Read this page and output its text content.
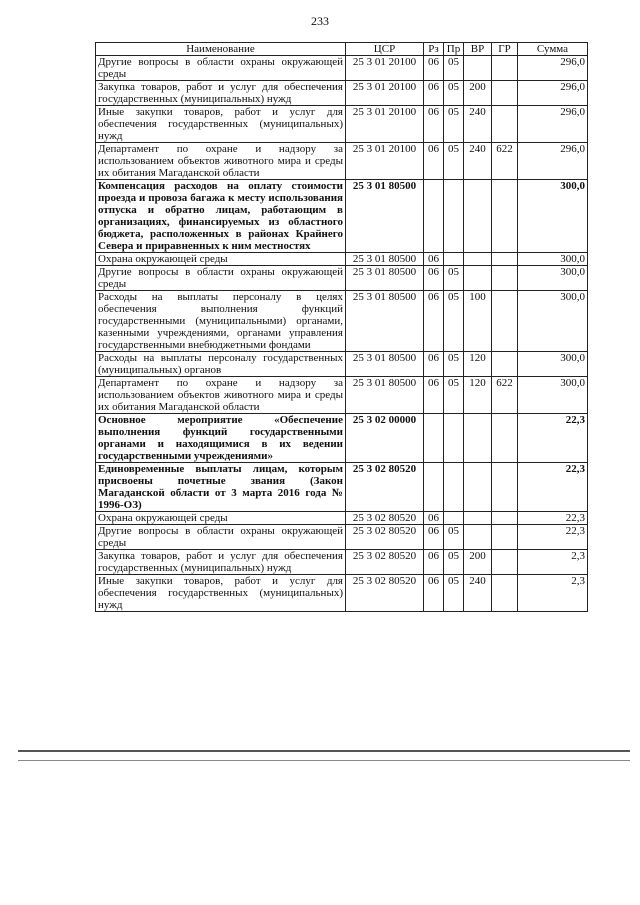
233
Наименование	ЦСР	Рз	Пр	ВР	ГР	Сумма
Другие вопросы в области охраны окружающей среды	25 3 01 20100	06	05			296,0
Закупка товаров, работ и услуг для обеспечения государственных (муниципальных) нужд	25 3 01 20100	06	05	200		296,0
Иные закупки товаров, работ и услуг для обеспечения государственных (муниципальных) нужд	25 3 01 20100	06	05	240		296,0
Департамент по охране и надзору за использованием объектов животного мира и среды их обитания Магаданской области	25 3 01 20100	06	05	240	622	296,0
Компенсация расходов на оплату стоимости проезда и провоза багажа к месту использования отпуска и обратно лицам, работающим в организациях, финансируемых из областного бюджета, расположенных в районах Крайнего Севера и приравненных к ним местностях	25 3 01 80500					300,0
Охрана окружающей среды	25 3 01 80500	06				300,0
Другие вопросы в области охраны окружающей среды	25 3 01 80500	06	05			300,0
Расходы на выплаты персоналу в целях обеспечения выполнения функций государственными (муниципальными) органами, казенными учреждениями, органами управления государственными внебюджетными фондами	25 3 01 80500	06	05	100		300,0
Расходы на выплаты персоналу государственных (муниципальных) органов	25 3 01 80500	06	05	120		300,0
Департамент по охране и надзору за использованием объектов животного мира и среды их обитания Магаданской области	25 3 01 80500	06	05	120	622	300,0
Основное мероприятие «Обеспечение выполнения функций государственными органами и находящимися в их ведении государственными учреждениями»	25 3 02 00000					22,3
Единовременные выплаты лицам, которым присвоены почетные звания (Закон Магаданской области от 3 марта 2016 года № 1996-ОЗ)	25 3 02 80520					22,3
Охрана окружающей среды	25 3 02 80520	06				22,3
Другие вопросы в области охраны окружающей среды	25 3 02 80520	06	05			22,3
Закупка товаров, работ и услуг для обеспечения государственных (муниципальных) нужд	25 3 02 80520	06	05	200		2,3
Иные закупки товаров, работ и услуг для обеспечения государственных (муниципальных) нужд	25 3 02 80520	06	05	240		2,3
